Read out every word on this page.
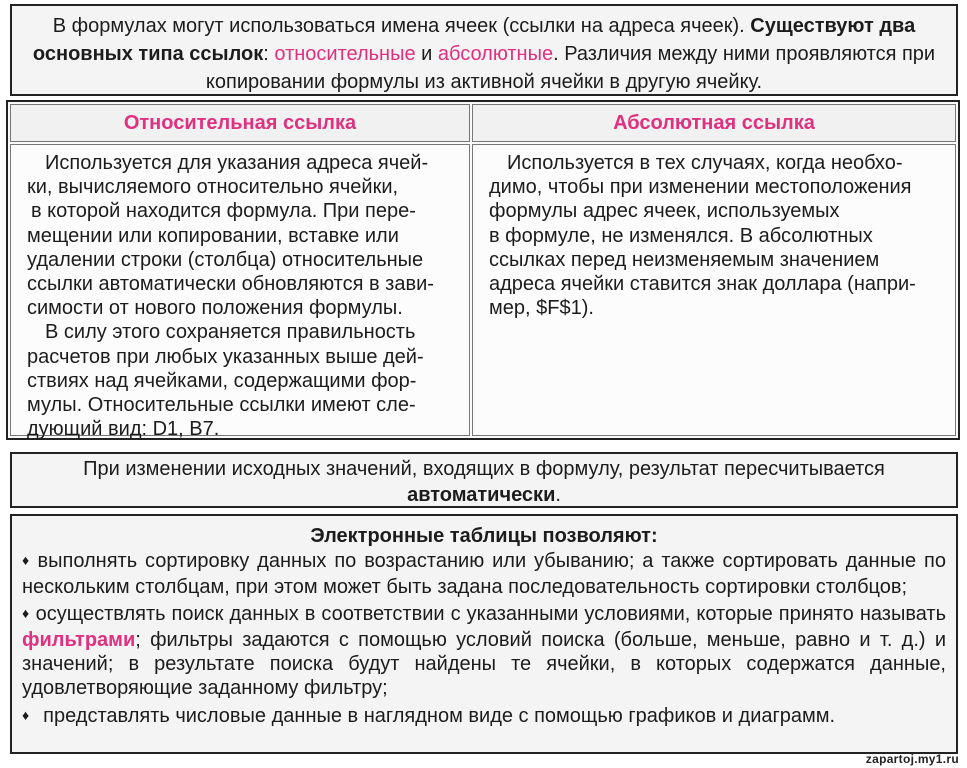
В формулах могут использоваться имена ячеек (ссылки на адреса ячеек). Существуют два основных типа ссылок: относительные и абсолютные. Различия между ними проявляются при копировании формулы из активной ячейки в другую ячейку.
Относительная ссылка	Абсолютная ссылка

Используется для указания адреса ячей-

ки, вычисляемого относительно ячейки,

в которой находится формула. При пере-

мещении или копировании, вставке или

удалении строки (столбца) относительные

ссылки автоматически обновляются в зави-

симости от нового положения формулы.

В силу этого сохраняется правильность

расчетов при любых указанных выше дей-

ствиях над ячейками, содержащими фор-

мулы. Относительные ссылки имеют сле-

дующий вид: D1, В7.

Используется в тех случаях, когда необхо-

димо, чтобы при изменении местоположения

формулы адрес ячеек, используемых

в формуле, не изменялся. В абсолютных

ссылках перед неизменяемым значением

адреса ячейки ставится знак доллара (напри-

мер, $F$1).

При изменении исходных значений, входящих в формулу, результат пересчитывается
автоматически.
Электронные таблицы позволяют:
♦ выполнять сортировку данных по возрастанию или убыванию; а также сортировать данные по нескольким столбцам, при этом может быть задана последовательность сортировки столбцов;
♦ осуществлять поиск данных в соответствии с указанными условиями, которые принято называть фильтрами; фильтры задаются с помощью условий поиска (больше, меньше, равно и т. д.) и значений; в результате поиска будут найдены те ячейки, в которых содержатся данные, удовлетворяющие заданному фильтру;
♦ представлять числовые данные в наглядном виде с помощью графиков и диаграмм.
zapartoj.my1.ru
